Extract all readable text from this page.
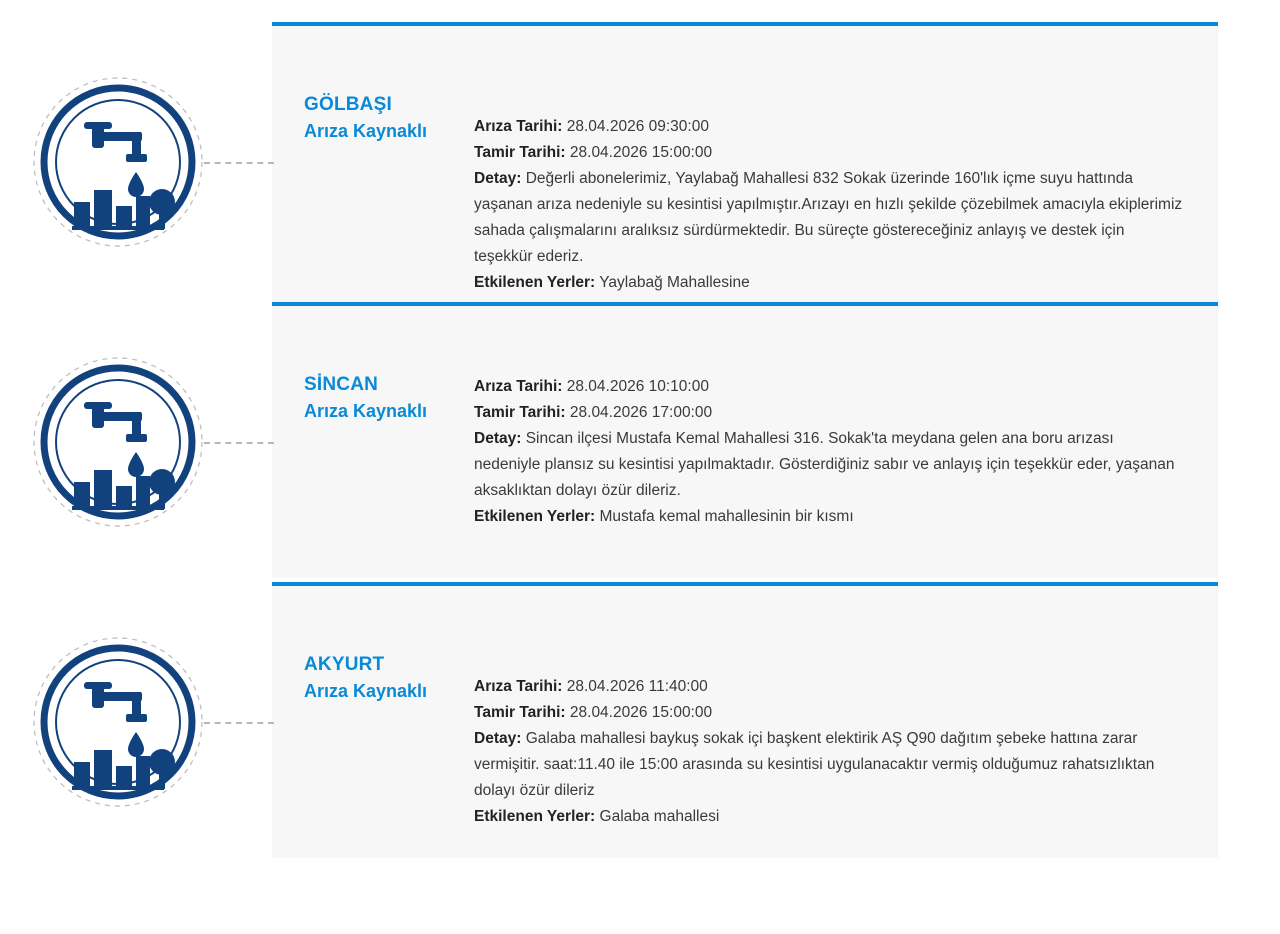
GÖLBAŞI
Arıza Kaynaklı	Arıza Tarihi: 28.04.2026 09:30:00

Tamir Tarihi: 28.04.2026 15:00:00

Detay: Değerli abonelerimiz, Yaylabağ Mahallesi 832 Sokak üzerinde 160'lık içme suyu hattında yaşanan arıza nedeniyle su kesintisi yapılmıştır.Arızayı en hızlı şekilde çözebilmek amacıyla ekiplerimiz sahada çalışmalarını aralıksız sürdürmektedir. Bu süreçte göstereceğiniz anlayış ve destek için teşekkür ederiz.

Etkilenen Yerler: Yaylabağ Mahallesine

SİNCAN
Arıza Kaynaklı

Arıza Tarihi: 28.04.2026 10:10:00

Tamir Tarihi: 28.04.2026 17:00:00

Detay: Sincan ilçesi Mustafa Kemal Mahallesi 316. Sokak'ta meydana gelen ana boru arızası nedeniyle plansız su kesintisi yapılmaktadır. Gösterdiğiniz sabır ve anlayış için teşekkür eder, yaşanan aksaklıktan dolayı özür dileriz.

Etkilenen Yerler: Mustafa kemal mahallesinin bir kısmı

AKYURT
Arıza Kaynaklı	Arıza Tarihi: 28.04.2026 11:40:00

Tamir Tarihi: 28.04.2026 15:00:00

Detay: Galaba mahallesi baykuş sokak içi başkent elektirik AŞ Q90 dağıtım şebeke hattına zarar vermişitir. saat:11.40 ile 15:00 arasında su kesintisi uygulanacaktır vermiş olduğumuz rahatsızlıktan dolayı özür dileriz

Etkilenen Yerler: Galaba mahallesi
